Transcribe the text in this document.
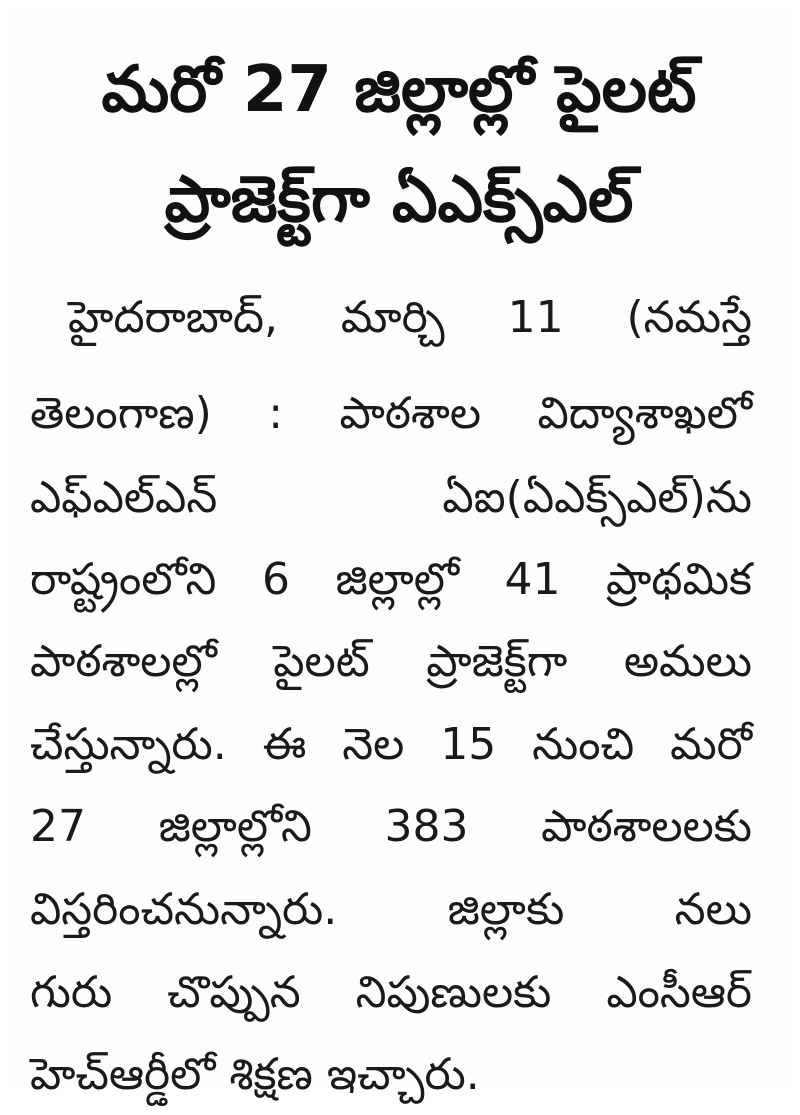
మరో 27 జిల్లాల్లో పైలట్
ప్రాజెక్ట్‌గా ఏఎక్స్‌ఎల్
హైదరాబాద్, మార్చి 11 (నమస్తే
తెలంగాణ) : పాఠశాల విద్యాశాఖలో
ఎఫ్ఎల్ఎన్ ఏఐ(ఏఎక్స్‌ఎల్)ను
రాష్ట్రంలోని 6 జిల్లాల్లో 41 ప్రాథమిక
పాఠశాలల్లో పైలట్ ప్రాజెక్ట్‌గా అమలు
చేస్తున్నారు. ఈ నెల 15 నుంచి మరో
27 జిల్లాల్లోని 383 పాఠశాలలకు
విస్తరించనున్నారు. జిల్లాకు నలు
గురు చొప్పున నిపుణులకు ఎంసీఆర్
హెచ్‌ఆర్డీలో శిక్షణ ఇచ్చారు.
